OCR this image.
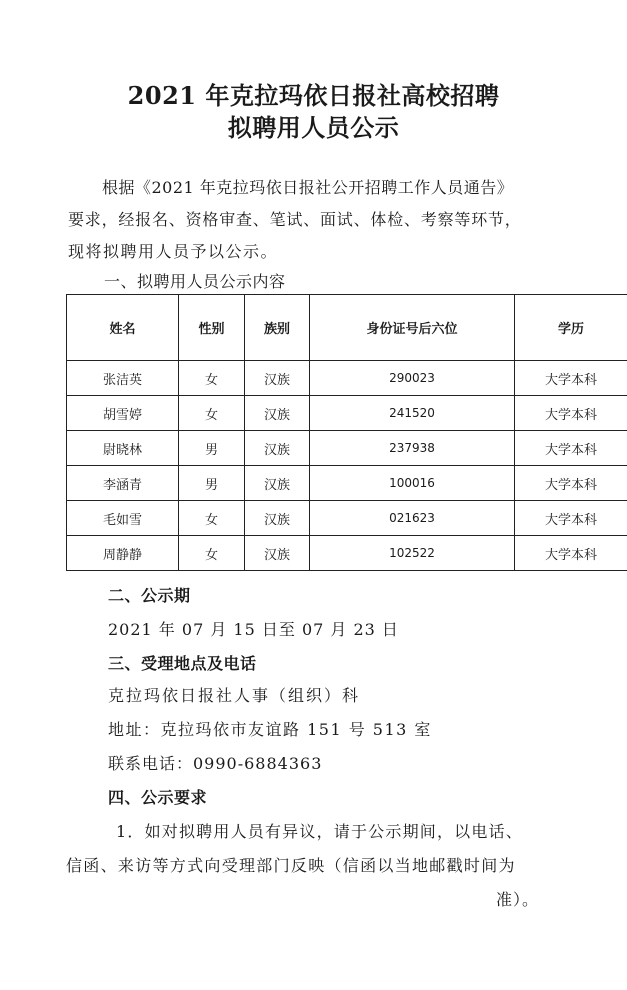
2021 年克拉玛依日报社高校招聘
拟聘用人员公示
根据《2021 年克拉玛依日报社公开招聘工作人员通告》
要求，经报名、资格审查、笔试、面试、体检、考察等环节，
现将拟聘用人员予以公示。
一、拟聘用人员公示内容
姓名	性别	族别	身份证号后六位	学历
张洁英	女	汉族	290023	大学本科
胡雪婷	女	汉族	241520	大学本科
尉晓林	男	汉族	237938	大学本科
李涵青	男	汉族	100016	大学本科
毛如雪	女	汉族	021623	大学本科
周静静	女	汉族	102522	大学本科
二、公示期
2021 年 07 月 15 日至 07 月 23 日
三、受理地点及电话
克拉玛依日报社人事（组织）科
地址：克拉玛依市友谊路 151 号 513 室
联系电话：0990-6884363
四、公示要求
1．如对拟聘用人员有异议，请于公示期间，以电话、
信函、来访等方式向受理部门反映（信函以当地邮戳时间为
准）。
